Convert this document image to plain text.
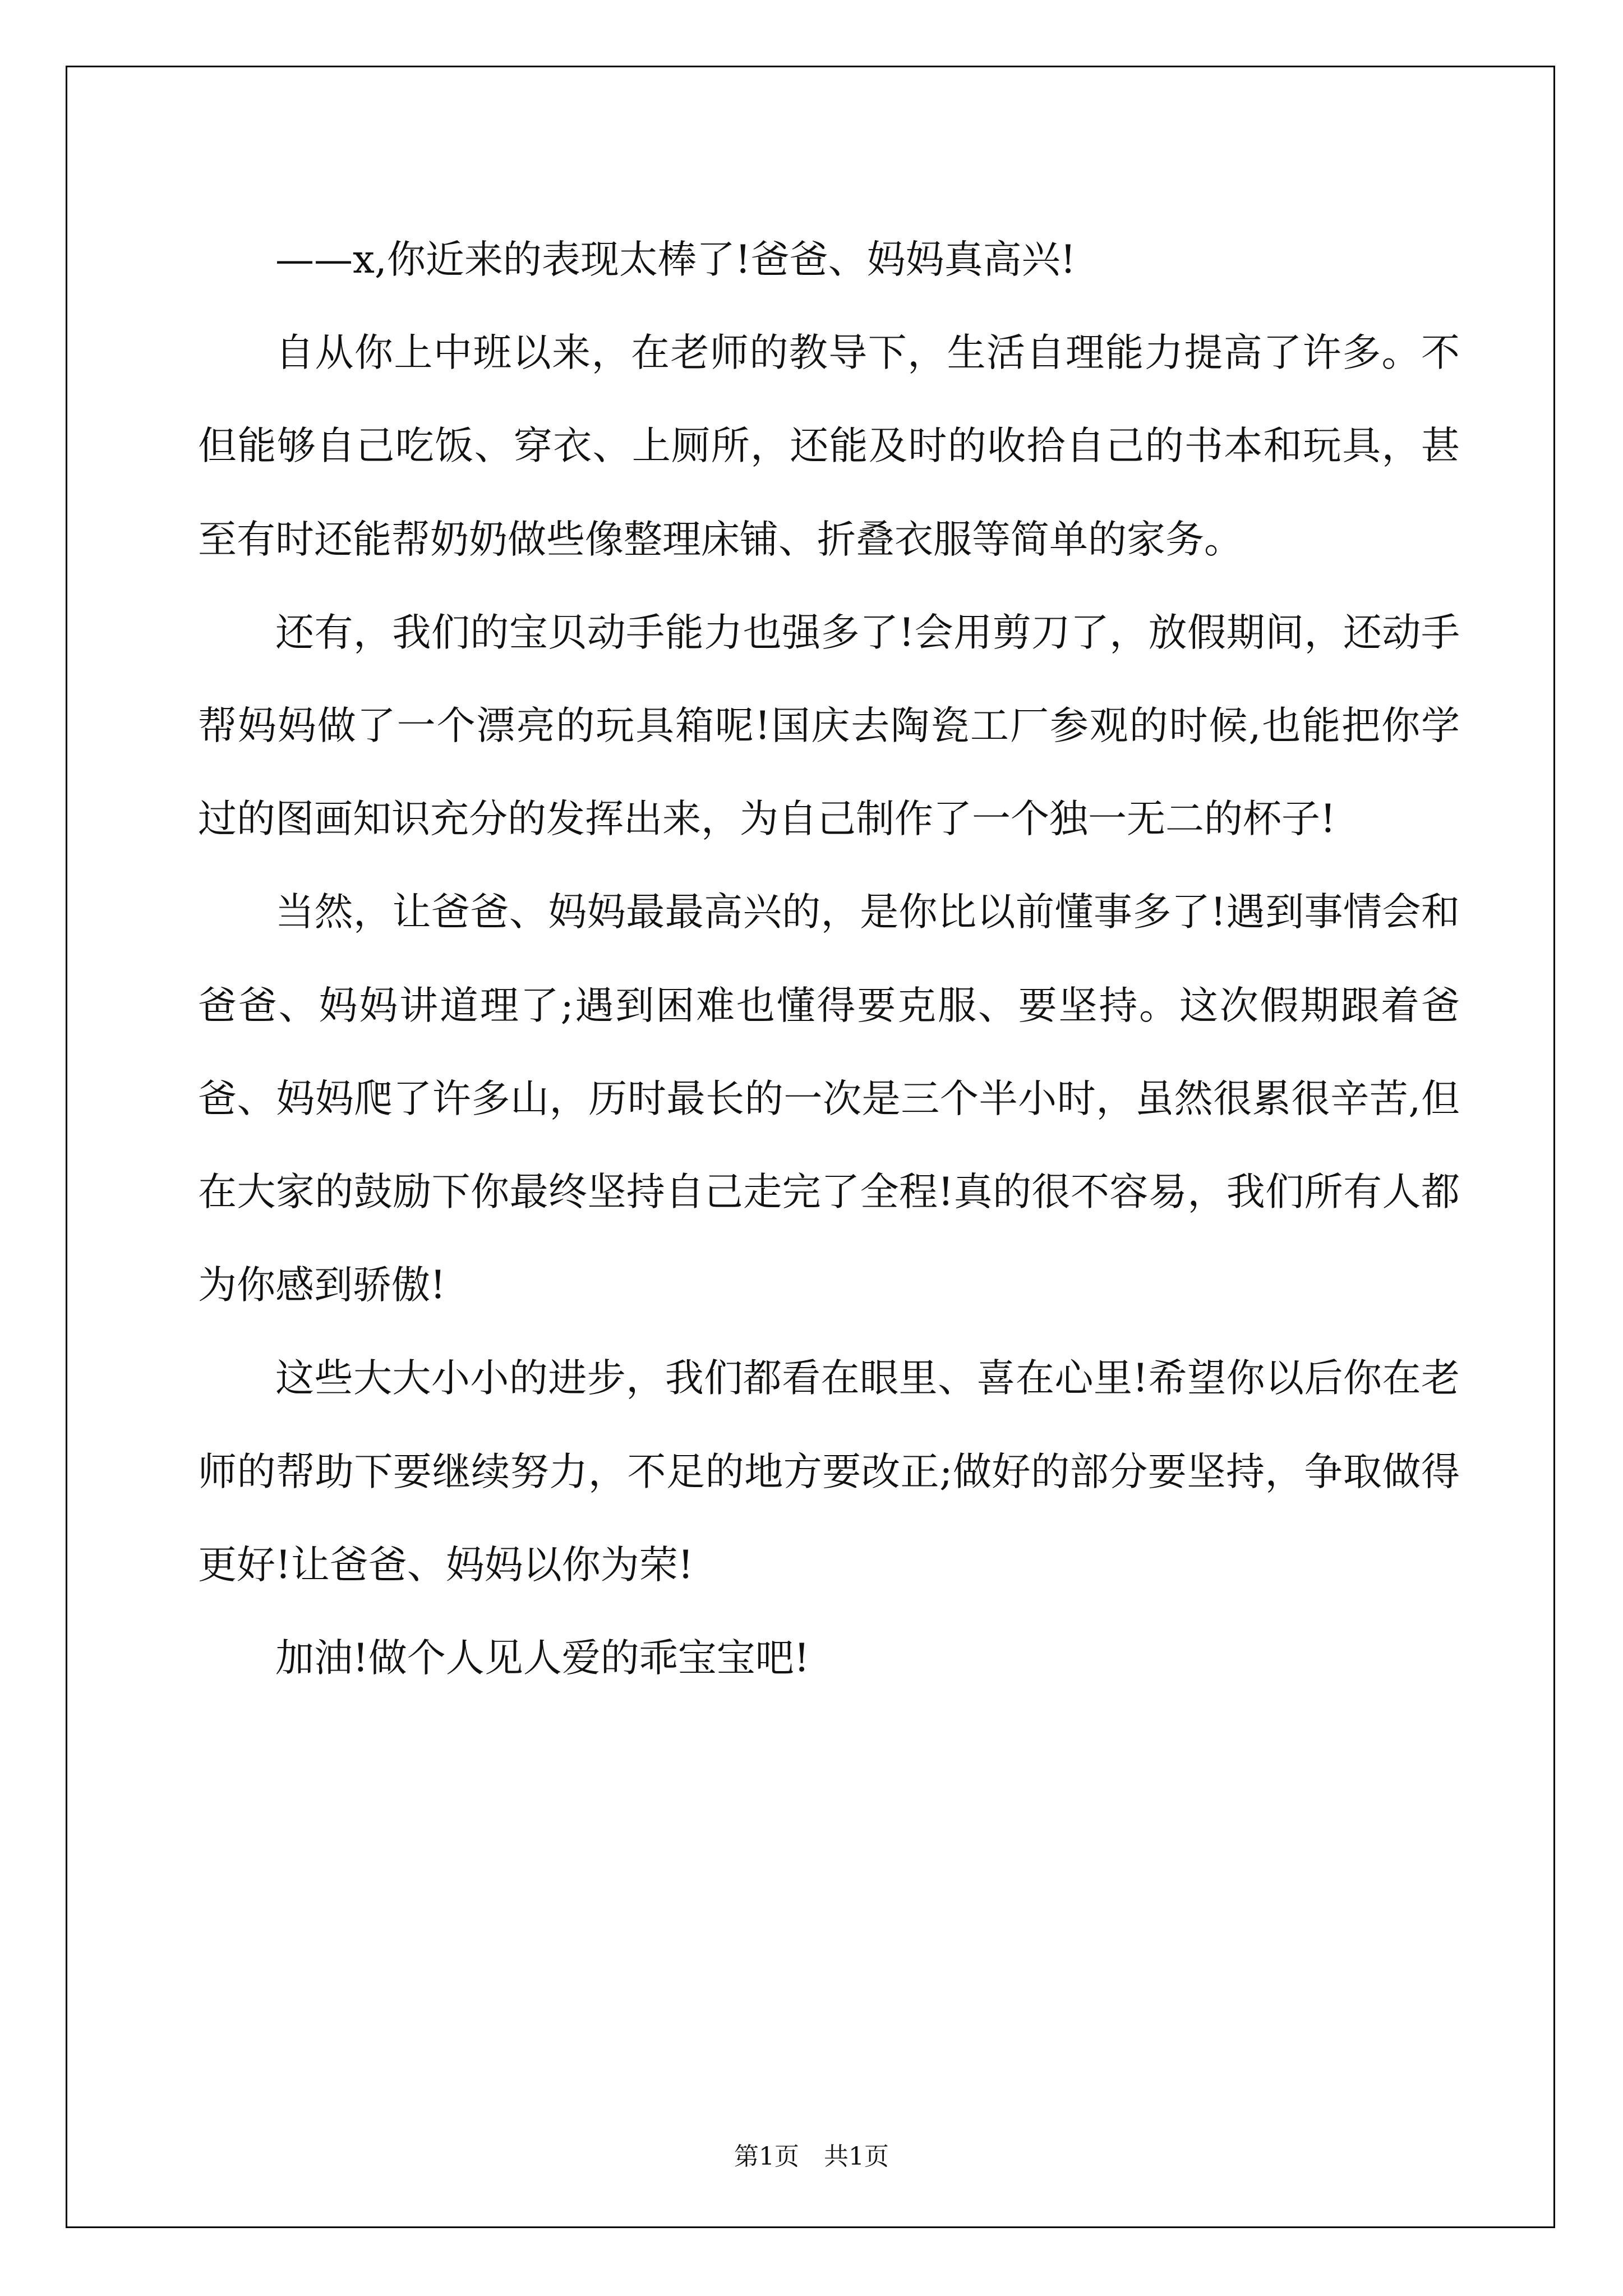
——x,你近来的表现太棒了!爸爸、妈妈真高兴!

自从你上中班以来，在老师的教导下，生活自理能力提高了许多。不但能够自己吃饭、穿衣、上厕所，还能及时的收拾自己的书本和玩具，甚至有时还能帮奶奶做些像整理床铺、折叠衣服等简单的家务。

还有，我们的宝贝动手能力也强多了!会用剪刀了，放假期间，还动手帮妈妈做了一个漂亮的玩具箱呢!国庆去陶瓷工厂参观的时候,也能把你学过的图画知识充分的发挥出来，为自己制作了一个独一无二的杯子!

当然，让爸爸、妈妈最最高兴的，是你比以前懂事多了!遇到事情会和爸爸、妈妈讲道理了;遇到困难也懂得要克服、要坚持。这次假期跟着爸爸、妈妈爬了许多山，历时最长的一次是三个半小时，虽然很累很辛苦,但在大家的鼓励下你最终坚持自己走完了全程!真的很不容易，我们所有人都为你感到骄傲!

这些大大小小的进步，我们都看在眼里、喜在心里!希望你以后你在老师的帮助下要继续努力，不足的地方要改正;做好的部分要坚持，争取做得更好!让爸爸、妈妈以你为荣!

加油!做个人见人爱的乖宝宝吧!

第1页　共1页
